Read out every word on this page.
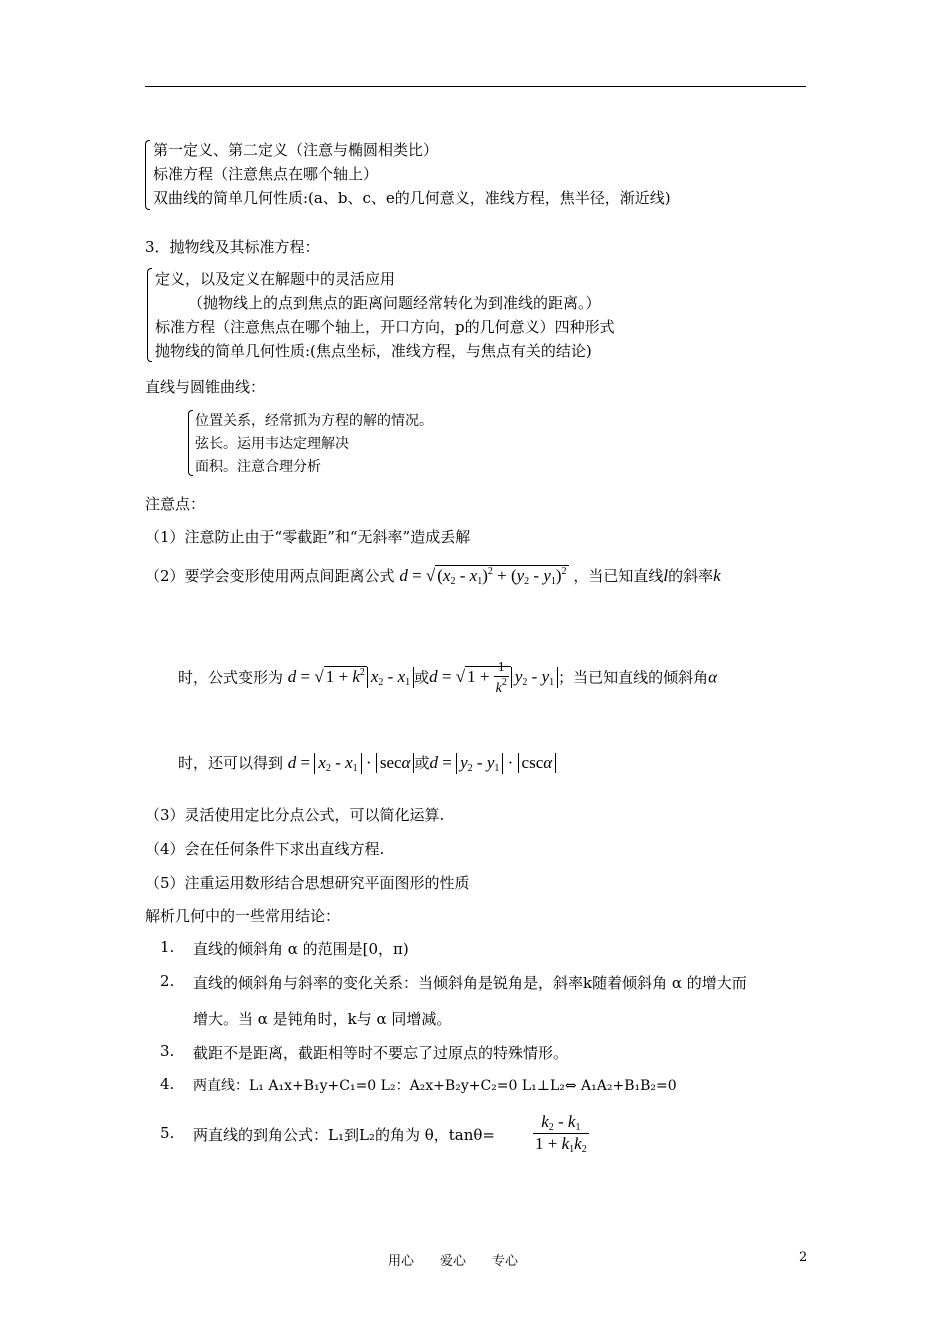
第一定义、第二定义（注意与椭圆相类比）
标准方程（注意焦点在哪个轴上）
双曲线的简单几何性质:(a、b、c、e的几何意义，准线方程，焦半径，渐近线)
3．抛物线及其标准方程：
定义，以及定义在解题中的灵活应用
（抛物线上的点到焦点的距离问题经常转化为到准线的距离。）
标准方程（注意焦点在哪个轴上，开口方向，p的几何意义）四种形式
抛物线的简单几何性质:(焦点坐标，准线方程，与焦点有关的结论)
直线与圆锥曲线：
位置关系，经常抓为方程的解的情况。
弦长。运用韦达定理解决
面积。注意合理分析
注意点：
（1）注意防止由于“零截距”和“无斜率”造成丢解
（2）要学会变形使用两点间距离公式 d = √ $(x_2 - x_1)^2 + (y_2 - y_1)^2$ ，当已知直线l的斜率k
时，公式变形为 d = √ $1 + k^2$ $x_2 - x_1$ 或d = √ $1 + \frac{1}{k^2} y_2 - y_1$ ；当已知直线的倾斜角α
时，还可以得到 $d = x_2 - x_1 \cdot \sec\alpha$ 或$d = y_2 - y_1 \cdot \csc\alpha$
（3）灵活使用定比分点公式，可以简化运算.
（4）会在任何条件下求出直线方程.
（5）注重运用数形结合思想研究平面图形的性质
解析几何中的一些常用结论：
1. 直线的倾斜角 α 的范围是[0，π)
2. 直线的倾斜角与斜率的变化关系：当倾斜角是锐角是，斜率k随着倾斜角 α 的增大而
增大。当 α 是钝角时，k与 α 同增减。
3. 截距不是距离，截距相等时不要忘了过原点的特殊情形。
4. 两直线：L₁ A₁x+B₁y+C₁=0 L₂：A₂x+B₂y+C₂=0 L₁⊥L₂⇔ A₁A₂+B₁B₂=0
5. 两直线的到角公式：L₁到L₂的角为 θ，$\tan\theta= \frac{k_2 - k_1}{1 + k_1k_2}$
用心　　爱心　　专心	2
